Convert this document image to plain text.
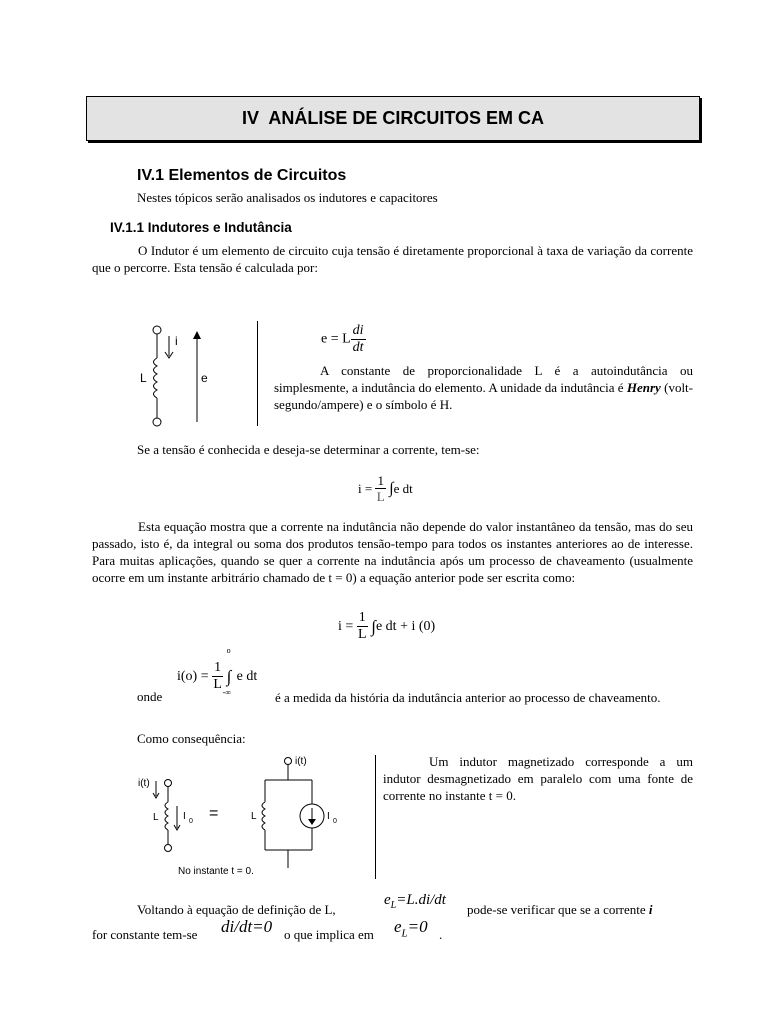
IV  ANÁLISE DE CIRCUITOS EM CA
IV.1 Elementos de Circuitos
Nestes tópicos serão analisados os indutores e capacitores
IV.1.1 Indutores e Indutância
O Indutor é um elemento de circuito cuja tensão é diretamente proporcional à taxa de variação da corrente que o percorre. Esta tensão é calculada por:
i
L	e
e = L $\frac{di}{dt}$
A constante de proporcionalidade L é a autoindutância ou simplesmente, a indutância do elemento. A unidade da indutância é Henry (volt-segundo/ampere) e o símbolo é H.
Se a tensão é conhecida e deseja-se determinar a corrente, tem-se:
i =
$\frac{1}{L}$
∫ e dt
Esta equação mostra que a corrente na indutância não depende do valor instantâneo da tensão, mas do seu passado, isto é, da integral ou soma dos produtos tensão-tempo para todos os instantes anteriores ao de interesse. Para muitas aplicações, quando se quer a corrente na indutância após um processo de chaveamento (usualmente ocorre em um instante arbitrário chamado de t = 0) a equação anterior pode ser escrita como:
i =
$\frac{1}{L}$
∫ e dt + i (0)
i(o) =
$\frac{1}{L}$

o
∫
-∞
e dt
onde	é a medida da história da indutância anterior ao processo de chaveamento.
Como consequência:
i(t)
L I 0 =
i(t)
L	I 0
No instante t = 0.
Um indutor magnetizado corresponde a um indutor desmagnetizado em paralelo com uma fonte de corrente no instante t = 0.
Voltando à equação de definição de L,
$e_L=L.di/dt$
pode-se verificar que se a corrente i
for constante tem-se di/dt=0 o que implica em $e_L=0$ .
